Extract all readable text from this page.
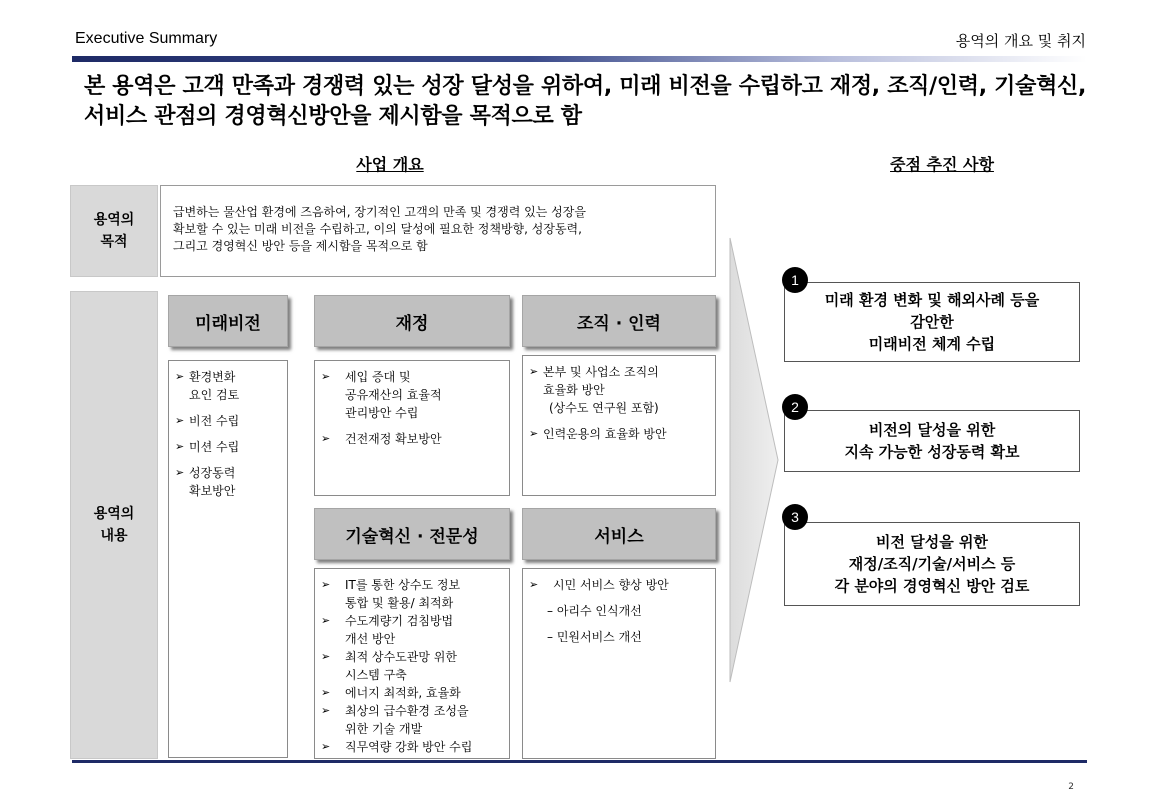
Executive Summary	용역의 개요 및 취지
본 용역은 고객 만족과 경쟁력 있는 성장 달성을 위하여, 미래 비전을 수립하고 재정, 조직/인력, 기술혁신, 서비스 관점의 경영혁신방안을 제시함을 목적으로 함
사업 개요	중점 추진 사항
용역의
목적
급변하는 물산업 환경에 즈음하여, 장기적인 고객의 만족 및 경쟁력 있는 성장을
확보할 수 있는 미래 비전을 수립하고, 이의 달성에 필요한 정책방향, 성장동력,
그리고 경영혁신 방안 등을 제시함을 목적으로 함
용역의
내용
미래비전
➢ 환경변화
요인 검토
➢ 비전 수립
➢ 미션 수립
➢ 성장동력
확보방안
재정
➢	세입 증대 및
공유재산의 효율적
관리방안 수립
➢	건전재정 확보방안
조직 · 인력
➢ 본부 및 사업소 조직의
효율화 방안
(상수도 연구원 포함)
➢ 인력운용의 효율화 방안
기술혁신 · 전문성
➢	IT를 통한 상수도 정보
통합 및 활용/ 최적화
➢	수도계량기 검침방법
개선 방안
➢	최적 상수도관망 위한
시스템 구축
➢	에너지 최적화, 효율화
➢	최상의 급수환경 조성을
위한 기술 개발
➢	직무역량 강화 방안 수립
서비스
➢	시민 서비스 향상 방안
– 아리수 인식개선
– 민원서비스 개선
미래 환경 변화 및 해외사례 등을
감안한
미래비전 체계 수립
1
비전의 달성을 위한
지속 가능한 성장동력 확보
2
비전 달성을 위한
재정/조직/기술/서비스 등
각 분야의 경영혁신 방안 검토
3
2
